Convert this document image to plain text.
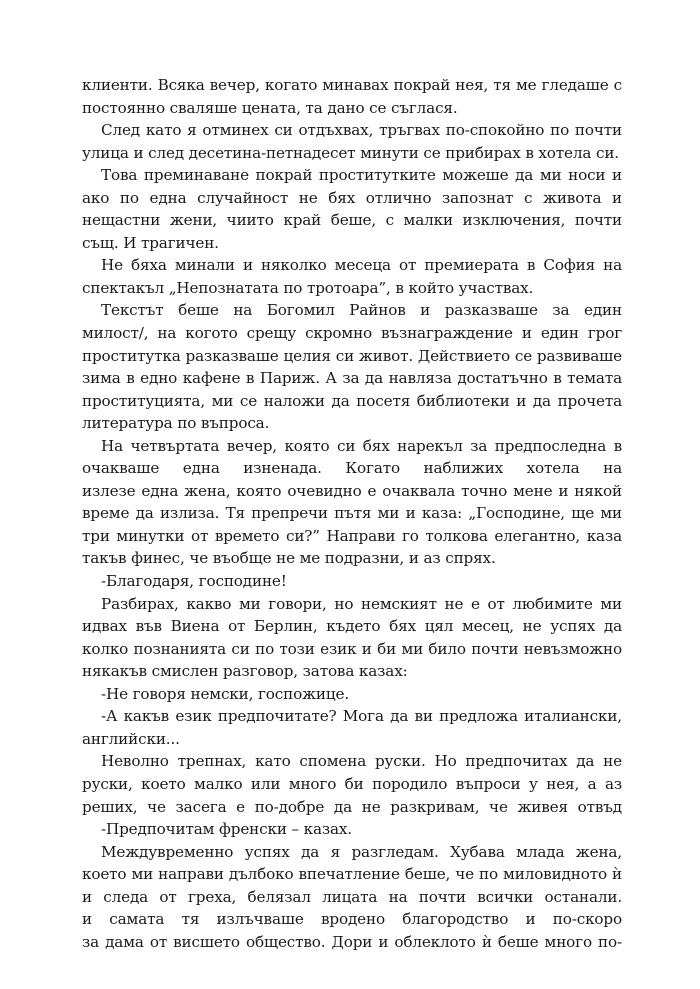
клиенти. Всяка вечер, когато минавах покрай нея, тя ме гледаше с
постоянно сваляше цената, та дано се съглася.
След като я отминех си отдъхвах, тръгвах по-спокойно по почти
улица и след десетина-петнадесет минути се прибирах в хотела си.
Това преминаване покрай проститутките можеше да ми носи и
ако по една случайност не бях отлично запознат с живота и
нещастни жени, чиито край беше, с малки изключения, почти
същ. И трагичен.
Не бяха минали и няколко месеца от премиерата в София на
спектакъл „Непознатата по тротоара”, в който участвах.
Текстът беше на Богомил Райнов и разказваше за един
милост/, на когото срещу скромно възнаграждение и един грог
проститутка разказваше целия си живот. Действието се развиваше
зима в едно кафене в Париж. А за да навляза достатъчно в темата
проституцията, ми се наложи да посетя библиотеки и да прочета
литература по въпроса.
На четвъртата вечер, която си бях нарекъл за предпоследна в
очакваше една изненада. Когато наближих хотела на
излезе една жена, която очевидно е очаквала точно мене и някой
време да излиза. Тя препречи пътя ми и каза: „Господине, ще ми
три минутки от времето си?” Направи го толкова елегантно, каза
такъв финес, че въобще не ме подразни, и аз спрях.
-Благодаря, господине!
Разбирах, какво ми говори, но немският не е от любимите ми
идвах във Виена от Берлин, където бях цял месец, не успях да
колко познанията си по този език и би ми било почти невъзможно
някакъв смислен разговор, затова казах:
-Не говоря немски, госпожице.
-А какъв език предпочитате? Мога да ви предложа италиански,
английски...
Неволно трепнах, като спомена руски. Но предпочитах да не
руски, което малко или много би породило въпроси у нея, а аз
реших, че засега е по-добре да не разкривам, че живея отвъд
-Предпочитам френски – казах.
Междувременно успях да я разгледам. Хубава млада жена,
което ми направи дълбоко впечатление беше, че по миловидното ѝ
и следа от греха, белязал лицата на почти всички останали.
и самата тя излъчваше вродено благородство и по-скоро
за дама от висшето общество. Дори и облеклото ѝ беше много по-
